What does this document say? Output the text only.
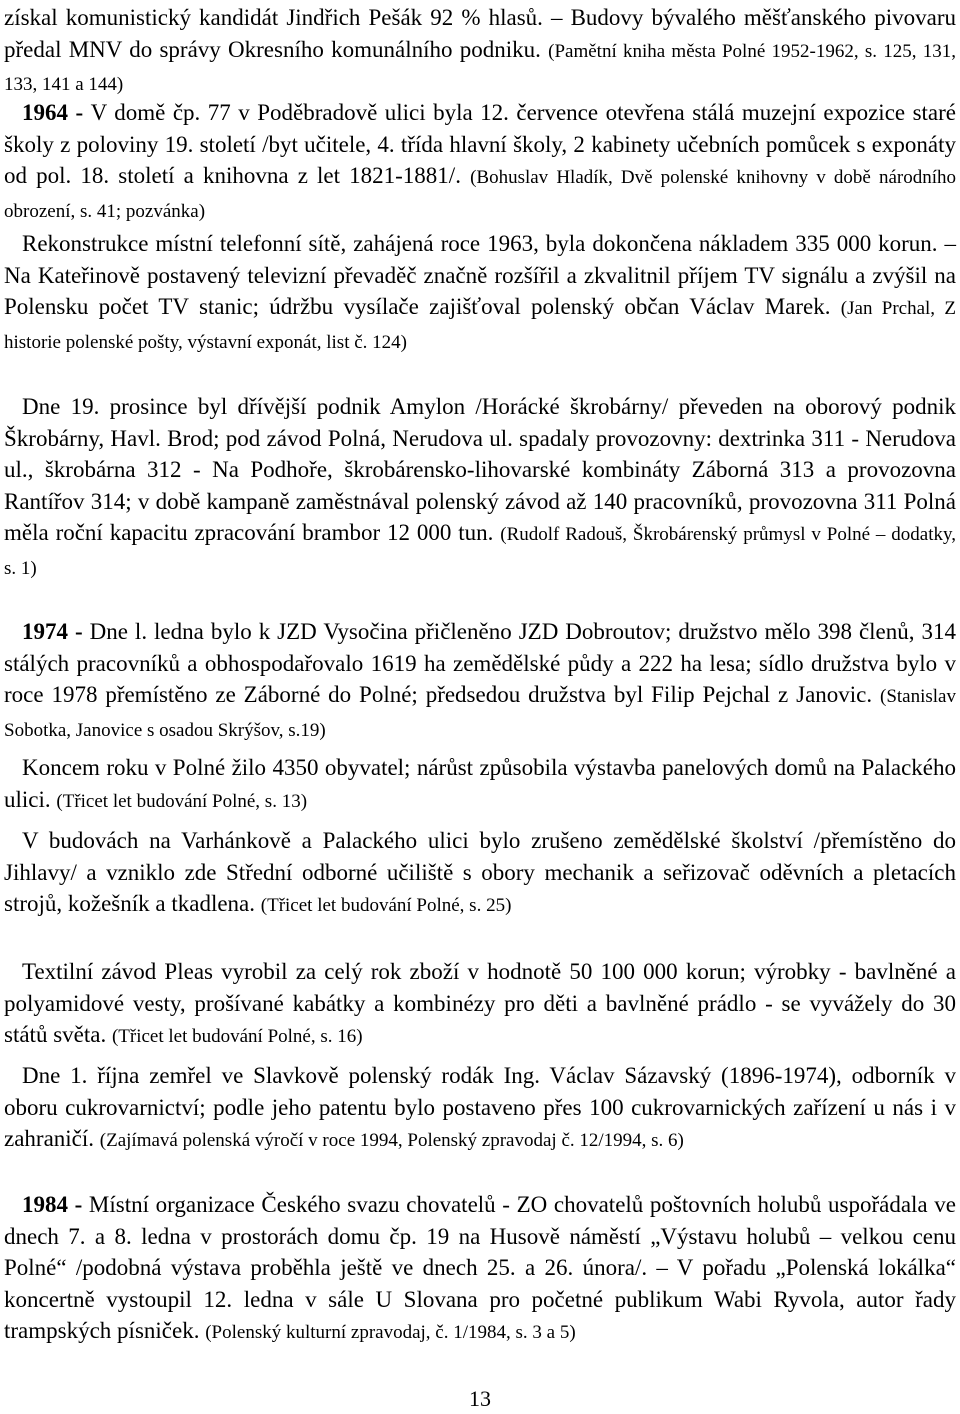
získal komunistický kandidát Jindřich Pešák 92 % hlasů. – Budovy bývalého měšťanského pivovaru předal MNV do správy Okresního komunálního podniku. (Pamětní kniha města Polné 1952-1962, s. 125, 131, 133, 141 a 144)

1964 - V domě čp. 77 v Poděbradově ulici byla 12. července otevřena stálá muzejní expozice staré školy z poloviny 19. století /byt učitele, 4. třída hlavní školy, 2 kabinety učebních pomůcek s exponáty od pol. 18. století a knihovna z let 1821-1881/. (Bohuslav Hladík, Dvě polenské knihovny v době národního obrození, s. 41; pozvánka)

Rekonstrukce místní telefonní sítě, zahájená roce 1963, byla dokončena nákladem 335 000 korun. – Na Kateřinově postavený televizní převaděč značně rozšířil a zkvalitnil příjem TV signálu a zvýšil na Polensku počet TV stanic; údržbu vysílače zajišťoval polenský občan Václav Marek. (Jan Prchal, Z historie polenské pošty, výstavní exponát, list č. 124)

Dne 19. prosince byl dřívější podnik Amylon /Horácké škrobárny/ převeden na oborový podnik Škrobárny, Havl. Brod; pod závod Polná, Nerudova ul. spadaly provozovny: dextrinka 311 - Nerudova ul., škrobárna 312 - Na Podhoře, škrobárensko-lihovarské kombináty Záborná 313 a provozovna Rantířov 314; v době kampaně zaměstnával polenský závod až 140 pracovníků, provozovna 311 Polná měla roční kapacitu zpracování brambor 12 000 tun. (Rudolf Radouš, Škrobárenský průmysl v Polné – dodatky, s. 1)

1974 - Dne l. ledna bylo k JZD Vysočina přičleněno JZD Dobroutov; družstvo mělo 398 členů, 314 stálých pracovníků a obhospodařovalo 1619 ha zemědělské půdy a 222 ha lesa; sídlo družstva bylo v roce 1978 přemístěno ze Záborné do Polné; předsedou družstva byl Filip Pejchal z Janovic. (Stanislav Sobotka, Janovice s osadou Skrýšov, s.19)

Koncem roku v Polné žilo 4350 obyvatel; nárůst způsobila výstavba panelových domů na Palackého ulici. (Třicet let budování Polné, s. 13)

V budovách na Varhánkově a Palackého ulici bylo zrušeno zemědělské školství /přemístěno do Jihlavy/ a vzniklo zde Střední odborné učiliště s obory mechanik a seřizovač oděvních a pletacích strojů, kožešník a tkadlena. (Třicet let budování Polné, s. 25)

Textilní závod Pleas vyrobil za celý rok zboží v hodnotě 50 100 000 korun; výrobky - bavlněné a polyamidové vesty, prošívané kabátky a kombinézy pro děti a bavlněné prádlo - se vyvážely do 30 států světa. (Třicet let budování Polné, s. 16)

Dne 1. října zemřel ve Slavkově polenský rodák Ing. Václav Sázavský (1896-1974), odborník v oboru cukrovarnictví; podle jeho patentu bylo postaveno přes 100 cukrovarnických zařízení u nás i v zahraničí. (Zajímavá polenská výročí v roce 1994, Polenský zpravodaj č. 12/1994, s. 6)

1984 - Místní organizace Českého svazu chovatelů - ZO chovatelů poštovních holubů uspořádala ve dnech 7. a 8. ledna v prostorách domu čp. 19 na Husově náměstí „Výstavu holubů – velkou cenu Polné“ /podobná výstava proběhla ještě ve dnech 25. a 26. února/. – V pořadu „Polenská lokálka“ koncertně vystoupil 12. ledna v sále U Slovana pro početné publikum Wabi Ryvola, autor řady trampských písniček. (Polenský kulturní zpravodaj, č. 1/1984, s. 3 a 5)

13
